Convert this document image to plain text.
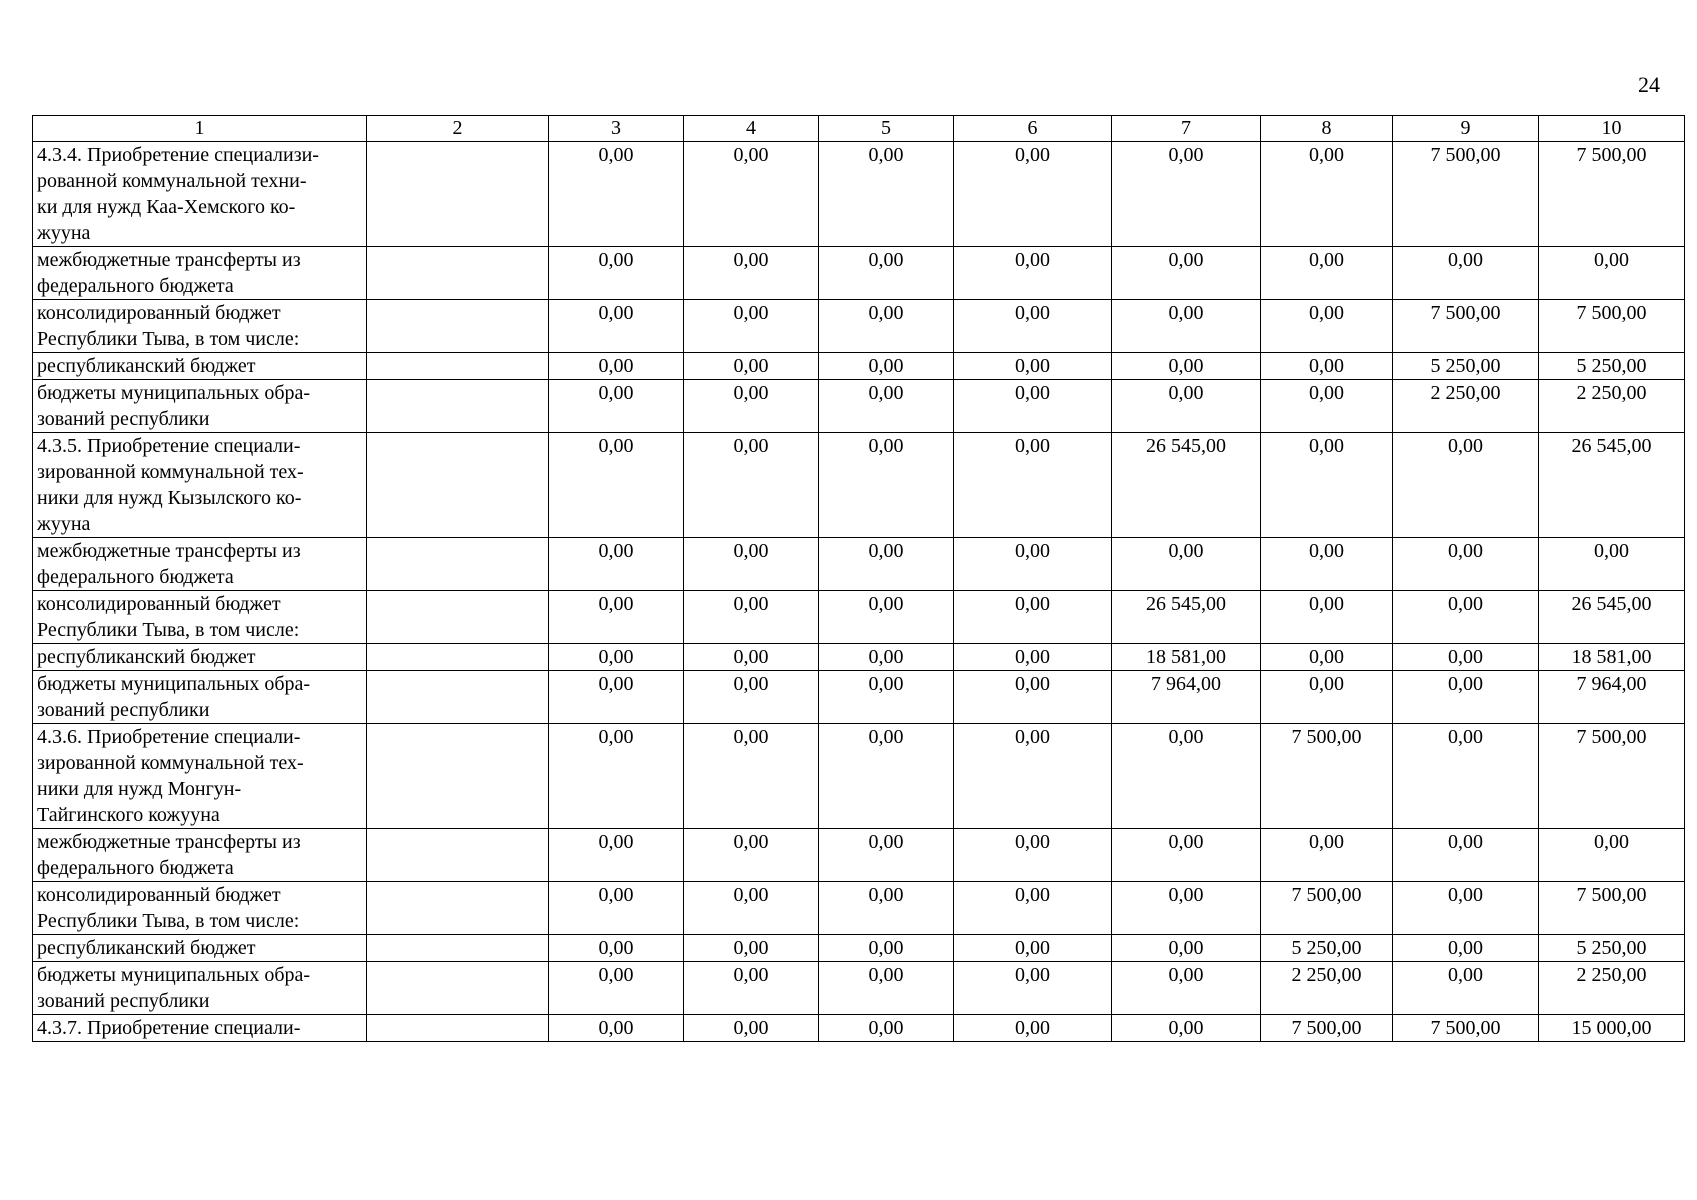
24
1	2	3	4	5	6	7	8	9	10
4.3.4. Приобретение специализи-
рованной коммунальной техни-
ки для нужд Каа-Хемского ко-
жууна		0,00	0,00	0,00	0,00	0,00	0,00	7 500,00	7 500,00
межбюджетные трансферты из
федерального бюджета		0,00	0,00	0,00	0,00	0,00	0,00	0,00	0,00
консолидированный бюджет
Республики Тыва, в том числе:		0,00	0,00	0,00	0,00	0,00	0,00	7 500,00	7 500,00
республиканский бюджет		0,00	0,00	0,00	0,00	0,00	0,00	5 250,00	5 250,00
бюджеты муниципальных обра-
зований республики		0,00	0,00	0,00	0,00	0,00	0,00	2 250,00	2 250,00
4.3.5. Приобретение специали-
зированной коммунальной тех-
ники для нужд Кызылского ко-
жууна		0,00	0,00	0,00	0,00	26 545,00	0,00	0,00	26 545,00
межбюджетные трансферты из
федерального бюджета		0,00	0,00	0,00	0,00	0,00	0,00	0,00	0,00
консолидированный бюджет
Республики Тыва, в том числе:		0,00	0,00	0,00	0,00	26 545,00	0,00	0,00	26 545,00
республиканский бюджет		0,00	0,00	0,00	0,00	18 581,00	0,00	0,00	18 581,00
бюджеты муниципальных обра-
зований республики		0,00	0,00	0,00	0,00	7 964,00	0,00	0,00	7 964,00
4.3.6. Приобретение специали-
зированной коммунальной тех-
ники для нужд Монгун-
Тайгинского кожууна		0,00	0,00	0,00	0,00	0,00	7 500,00	0,00	7 500,00
межбюджетные трансферты из
федерального бюджета		0,00	0,00	0,00	0,00	0,00	0,00	0,00	0,00
консолидированный бюджет
Республики Тыва, в том числе:		0,00	0,00	0,00	0,00	0,00	7 500,00	0,00	7 500,00
республиканский бюджет		0,00	0,00	0,00	0,00	0,00	5 250,00	0,00	5 250,00
бюджеты муниципальных обра-
зований республики		0,00	0,00	0,00	0,00	0,00	2 250,00	0,00	2 250,00
4.3.7. Приобретение специали-		0,00	0,00	0,00	0,00	0,00	7 500,00	7 500,00	15 000,00
